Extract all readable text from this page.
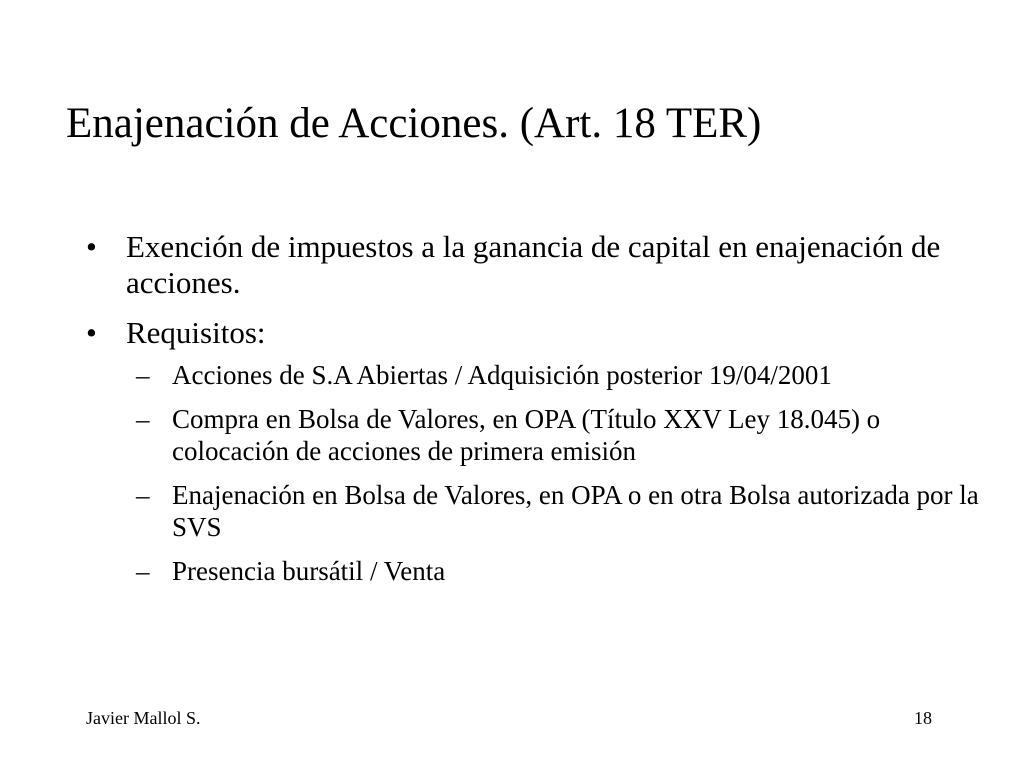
Enajenación de Acciones. (Art. 18 TER)
• Exención de impuestos a la ganancia de capital en enajenación de acciones.
• Requisitos:
– Acciones de S.A Abiertas / Adquisición posterior 19/04/2001
– Compra en Bolsa de Valores, en OPA (Título XXV Ley 18.045) o colocación de acciones de primera emisión
– Enajenación en Bolsa de Valores, en OPA o en otra Bolsa autorizada por la SVS
– Presencia bursátil / Venta
Javier Mallol S.	18
